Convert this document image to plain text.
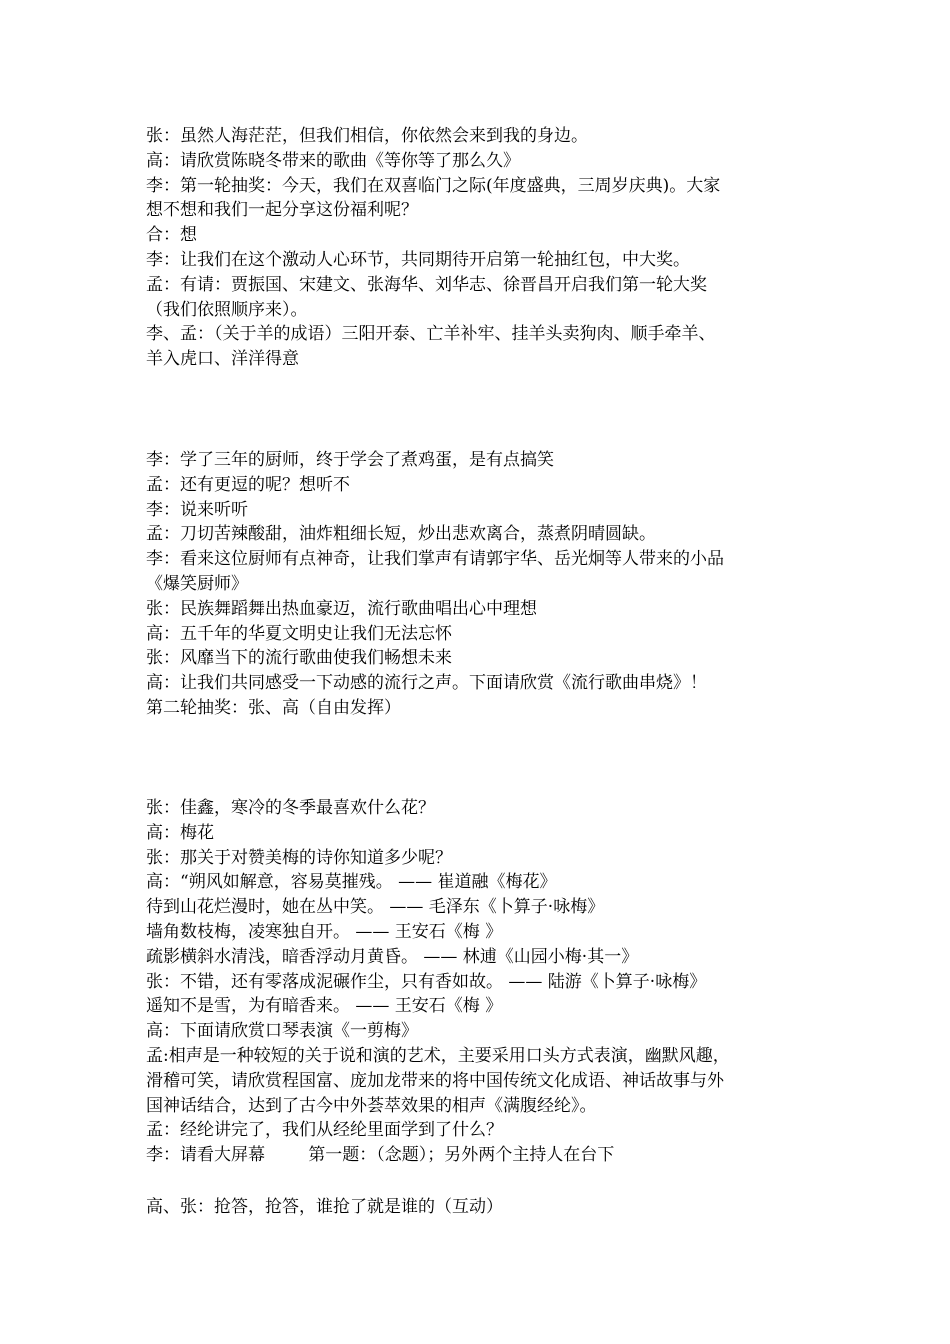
张：虽然人海茫茫，但我们相信，你依然会来到我的身边。

高：请欣赏陈晓冬带来的歌曲《等你等了那么久》

李：第一轮抽奖：今天，我们在双喜临门之际(年度盛典，三周岁庆典)。大家

想不想和我们一起分享这份福利呢？

合：想

李：让我们在这个激动人心环节，共同期待开启第一轮抽红包，中大奖。

孟：有请：贾振国、宋建文、张海华、刘华志、徐晋昌开启我们第一轮大奖

（我们依照顺序来）。

李、孟：（关于羊的成语）三阳开泰、亡羊补牢、挂羊头卖狗肉、顺手牵羊、

羊入虎口、洋洋得意

李：学了三年的厨师，终于学会了煮鸡蛋，是有点搞笑

孟：还有更逗的呢？想听不

李：说来听听

孟：刀切苦辣酸甜，油炸粗细长短，炒出悲欢离合，蒸煮阴晴圆缺。

李：看来这位厨师有点神奇，让我们掌声有请郭宇华、岳光炯等人带来的小品

《爆笑厨师》

张：民族舞蹈舞出热血豪迈，流行歌曲唱出心中理想

高：五千年的华夏文明史让我们无法忘怀

张：风靡当下的流行歌曲使我们畅想未来

高：让我们共同感受一下动感的流行之声。下面请欣赏《流行歌曲串烧》！

第二轮抽奖：张、高（自由发挥）

张：佳鑫，寒冷的冬季最喜欢什么花？

高：梅花

张：那关于对赞美梅的诗你知道多少呢？

高：“朔风如解意，容易莫摧残。 —— 崔道融《梅花》

待到山花烂漫时，她在丛中笑。 —— 毛泽东《卜算子·咏梅》

墙角数枝梅，凌寒独自开。 —— 王安石《梅 》

疏影横斜水清浅，暗香浮动月黄昏。 —— 林逋《山园小梅·其一》

张：不错，还有零落成泥碾作尘，只有香如故。 —— 陆游《卜算子·咏梅》

遥知不是雪，为有暗香来。 —— 王安石《梅 》

高：下面请欣赏口琴表演《一剪梅》

孟:相声是一种较短的关于说和演的艺术，主要采用口头方式表演，幽默风趣，

滑稽可笑，请欣赏程国富、庞加龙带来的将中国传统文化成语、神话故事与外

国神话结合，达到了古今中外荟萃效果的相声《满腹经纶》。

孟：经纶讲完了，我们从经纶里面学到了什么？

李：请看大屏幕        第一题：（念题）；另外两个主持人在台下

高、张：抢答，抢答，谁抢了就是谁的（互动）
